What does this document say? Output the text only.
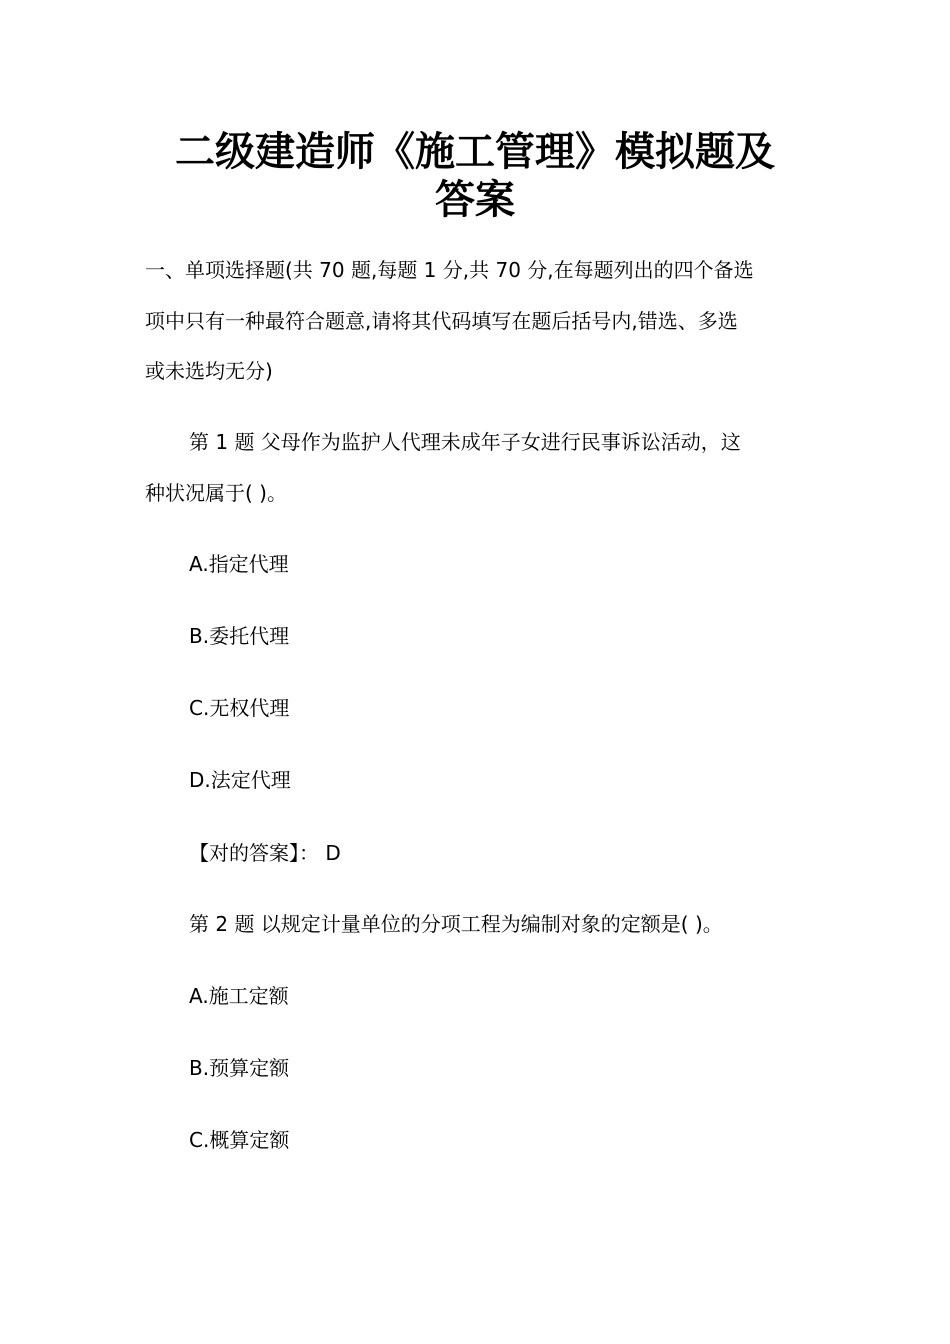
二级建造师《施工管理》模拟题及
答案
一、单项选择题(共 70 题,每题 1 分,共 70 分,在每题列出的四个备选
项中只有一种最符合题意,请将其代码填写在题后括号内,错选、多选
或未选均无分)
第 1 题 父母作为监护人代理未成年子女进行民事诉讼活动，这
种状况属于( )。
A.指定代理
B.委托代理
C.无权代理
D.法定代理
【对的答案】： D
第 2 题 以规定计量单位的分项工程为编制对象的定额是( )。
A.施工定额
B.预算定额
C.概算定额
